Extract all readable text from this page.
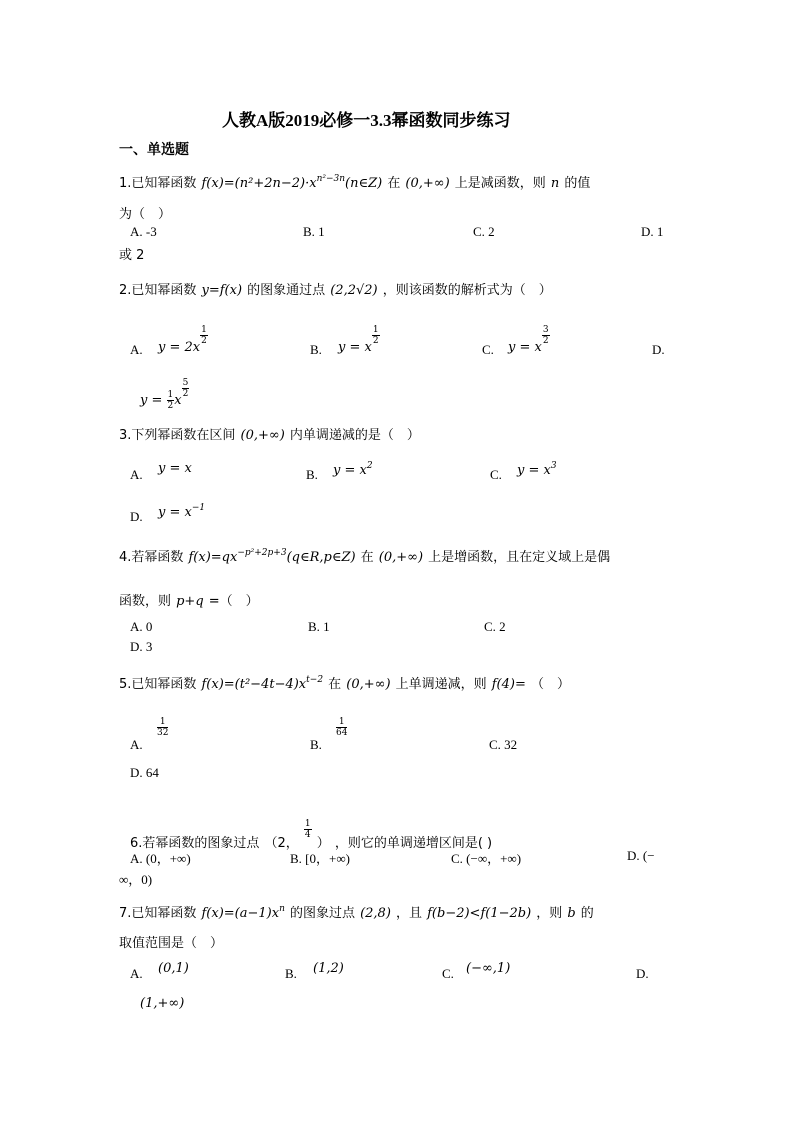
人教A版2019必修一3.3幂函数同步练习
一、单选题
1.已知幂函数 $f(x)=(n^2+2n-2)\cdot x^{n^2-3n}(n\in Z)$ 在 (0,+∞) 上是减函数，则 n 的值
为（　）
A. -3	B. 1	C. 2	D. 1
或 2
2.已知幂函数 y=f(x) 的图象通过点 (2,2√2) ，则该函数的解析式为（　）
A. y = 2x
$\frac{1}{2}$
B. y = x
$\frac{1}{2}$
C. y = x
$\frac{3}{2}$
D.
$y = \frac{1}{2}$ x
$\frac{5}{2}$
3.下列幂函数在区间 (0,+∞) 内单调递减的是（　）
A. y = x	B. $y = x^2$
C. $y = x^3$
D. $y = x^{-1}$
4.若幂函数 $f(x)=qx^{-p^2+2p+3}(q\in R,p\in Z)$ 在 (0,+∞) 上是增函数，且在定义域上是偶
函数，则 p+q =（　）
A. 0	B. 1	C. 2
D. 3
5.已知幂函数 $f(x)=(t^2-4t-4)x^{t-2}$ 在 (0,+∞) 上单调递减，则 f(4)= （　）
A.
$\frac{1}{32}$
B.
$\frac{1}{64}$
C. 32
D. 64
6.若幂函数的图象过点 （2，
$\frac{1}{4}$
） ，则它的单调递增区间是( )
A. (0，+∞)	B. [0，+∞)	C. (−∞，+∞)	D. (−
∞，0)
7.已知幂函数 $f(x)=(a-1)x^n$ 的图象过点 (2,8) ，且 f(b−2)<f(1−2b) ，则 b 的
取值范围是（　）
A. (0,1)	B. (1,2)	C. (−∞,1)	D.
(1,+∞)
